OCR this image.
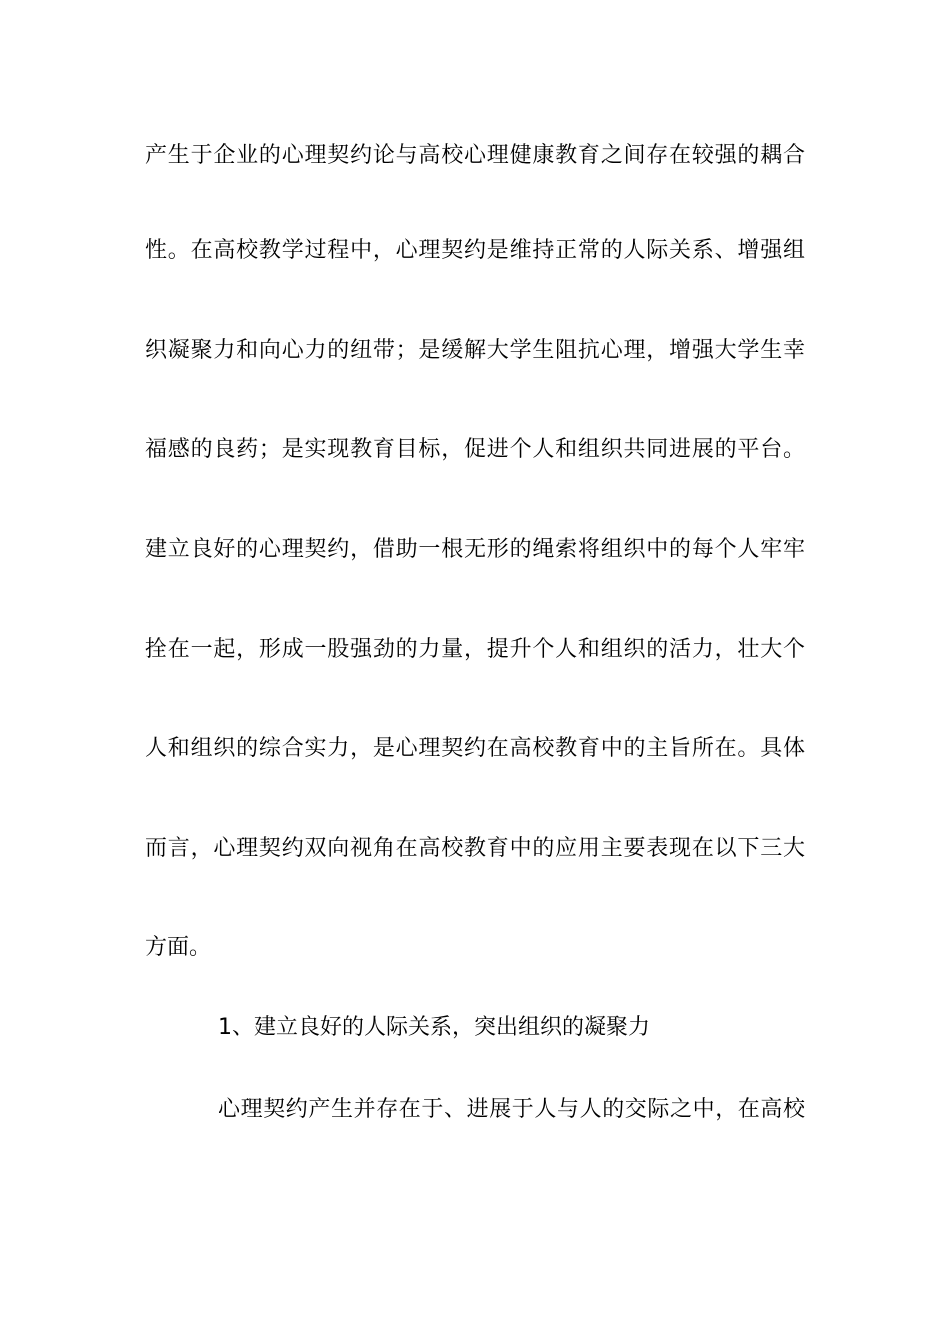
产生于企业的心理契约论与高校心理健康教育之间存在较强的耦合
性。在高校教学过程中，心理契约是维持正常的人际关系、增强组
织凝聚力和向心力的纽带；是缓解大学生阻抗心理，增强大学生幸
福感的良药；是实现教育目标，促进个人和组织共同进展的平台。
建立良好的心理契约，借助一根无形的绳索将组织中的每个人牢牢
拴在一起，形成一股强劲的力量，提升个人和组织的活力，壮大个
人和组织的综合实力，是心理契约在高校教育中的主旨所在。具体
而言，心理契约双向视角在高校教育中的应用主要表现在以下三大
方面。
1、建立良好的人际关系，突出组织的凝聚力
心理契约产生并存在于、进展于人与人的交际之中，在高校
